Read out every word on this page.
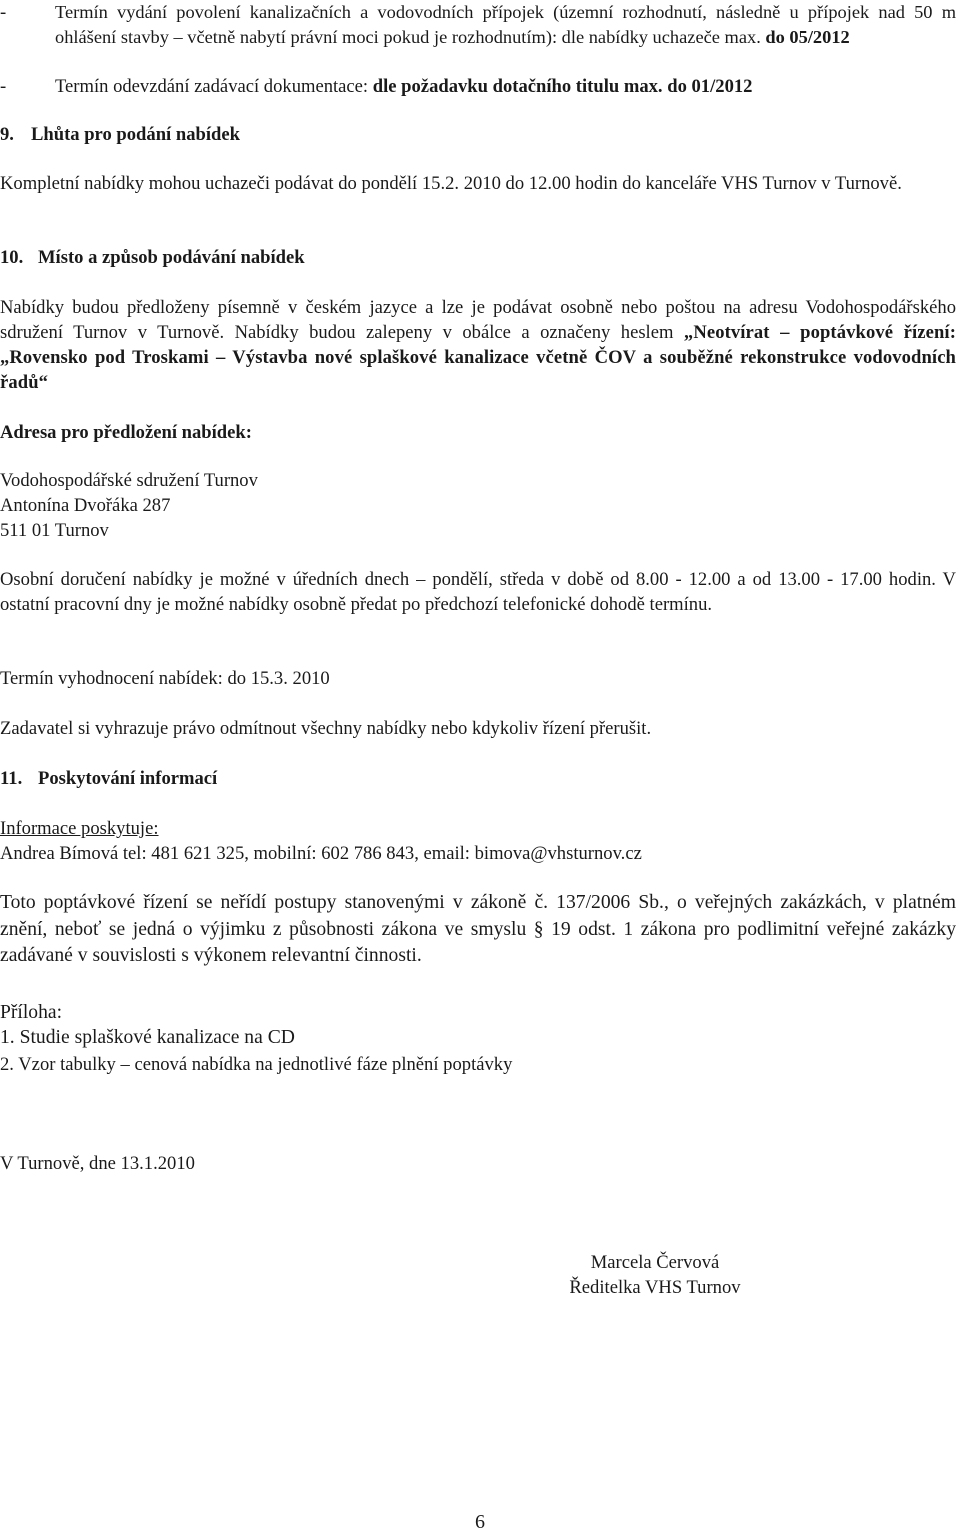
-	Termín vydání povolení kanalizačních a vodovodních přípojek (územní rozhodnutí, následně u přípojek nad 50 m ohlášení stavby – včetně nabytí právní moci pokud je rozhodnutím): dle nabídky uchazeče max. do 05/2012
-	Termín odevzdání zadávací dokumentace: dle požadavku dotačního titulu max. do 01/2012
9. Lhůta pro podání nabídek
Kompletní nabídky mohou uchazeči podávat do pondělí 15.2. 2010 do 12.00 hodin do kanceláře VHS Turnov v Turnově.
10. Místo a způsob podávání nabídek
Nabídky budou předloženy písemně v českém jazyce a lze je podávat osobně nebo poštou na adresu Vodohospodářského sdružení Turnov v Turnově. Nabídky budou zalepeny v obálce a označeny heslem „Neotvírat – poptávkové řízení: „Rovensko pod Troskami – Výstavba nové splaškové kanalizace včetně ČOV a souběžné rekonstrukce vodovodních řadů“
Adresa pro předložení nabídek:
Vodohospodářské sdružení Turnov
Antonína Dvořáka 287
511 01 Turnov
Osobní doručení nabídky je možné v úředních dnech – pondělí, středa v době od 8.00 - 12.00 a od 13.00 - 17.00 hodin. V ostatní pracovní dny je možné nabídky osobně předat po předchozí telefonické dohodě termínu.
Termín vyhodnocení nabídek: do 15.3. 2010
Zadavatel si vyhrazuje právo odmítnout všechny nabídky nebo kdykoliv řízení přerušit.
11. Poskytování informací
Informace poskytuje:
Andrea Bímová tel: 481 621 325, mobilní: 602 786 843, email: bimova@vhsturnov.cz
Toto poptávkové řízení se neřídí postupy stanovenými v zákoně č. 137/2006 Sb., o veřejných zakázkách, v platném znění, neboť se jedná o výjimku z působnosti zákona ve smyslu § 19 odst. 1 zákona pro podlimitní veřejné zakázky zadávané v souvislosti s výkonem relevantní činnosti.
Příloha:
1. Studie splaškové kanalizace na CD
2. Vzor tabulky – cenová nabídka na jednotlivé fáze plnění poptávky
V Turnově, dne 13.1.2010
Marcela Červová
Ředitelka VHS Turnov
6
